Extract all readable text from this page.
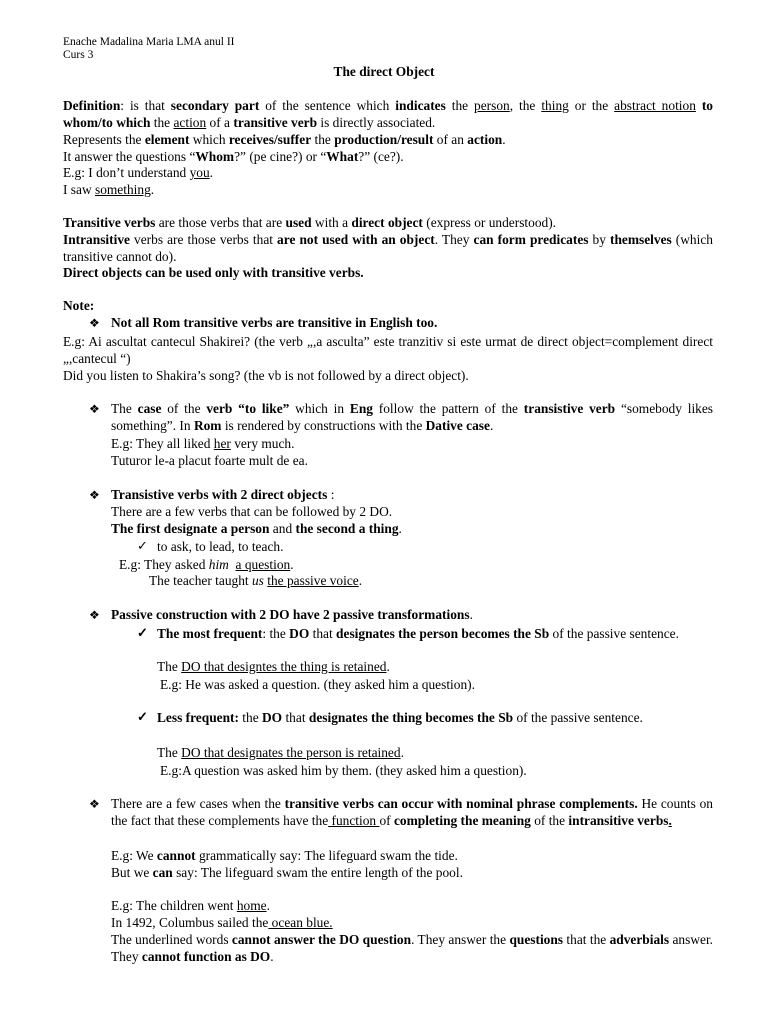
Enache Madalina Maria LMA anul II
Curs 3
The direct Object
Definition: is that secondary part of the sentence which indicates the person, the thing or the abstract notion to whom/to which the action of a transitive verb is directly associated.
Represents the element which receives/suffer the production/result of an action.
It answer the questions “Whom?” (pe cine?) or “What?” (ce?).
E.g: I don’t understand you.
I saw something.
Transitive verbs are those verbs that are used with a direct object (express or understood).
Intransitive verbs are those verbs that are not used with an object. They can form predicates by themselves (which transitive cannot do).
Direct objects can be used only with transitive verbs.
Note:
❖ Not all Rom transitive verbs are transitive in English too.
E.g: Ai ascultat cantecul Shakirei? (the verb „,a asculta” este tranzitiv si este urmat de direct object=complement direct „,cantecul “)
Did you listen to Shakira’s song? (the vb is not followed by a direct object).
❖ The case of the verb “to like” which in Eng follow the pattern of the transistive verb “somebody likes something”. In Rom is rendered by constructions with the Dative case.
E.g: They all liked her very much.
Tuturor le-a placut foarte mult de ea.
❖ Transistive verbs with 2 direct objects :
There are a few verbs that can be followed by 2 DO.
The first designate a person and the second a thing.
✓ to ask, to lead, to teach.
E.g: They asked him a question.
The teacher taught us the passive voice.
❖ Passive construction with 2 DO have 2 passive transformations.
✓ The most frequent: the DO that designates the person becomes the Sb of the passive sentence.
The DO that designtes the thing is retained.
E.g: He was asked a question. (they asked him a question).
✓ Less frequent: the DO that designates the thing becomes the Sb of the passive sentence.
The DO that designates the person is retained.
E.g:A question was asked him by them. (they asked him a question).
❖ There are a few cases when the transitive verbs can occur with nominal phrase complements. He counts on the fact that these complements have the function of completing the meaning of the intransitive verbs.
E.g: We cannot grammatically say: The lifeguard swam the tide.
But we can say: The lifeguard swam the entire length of the pool.
E.g: The children went home.
In 1492, Columbus sailed the ocean blue.
The underlined words cannot answer the DO question. They answer the questions that the adverbials answer. They cannot function as DO.
